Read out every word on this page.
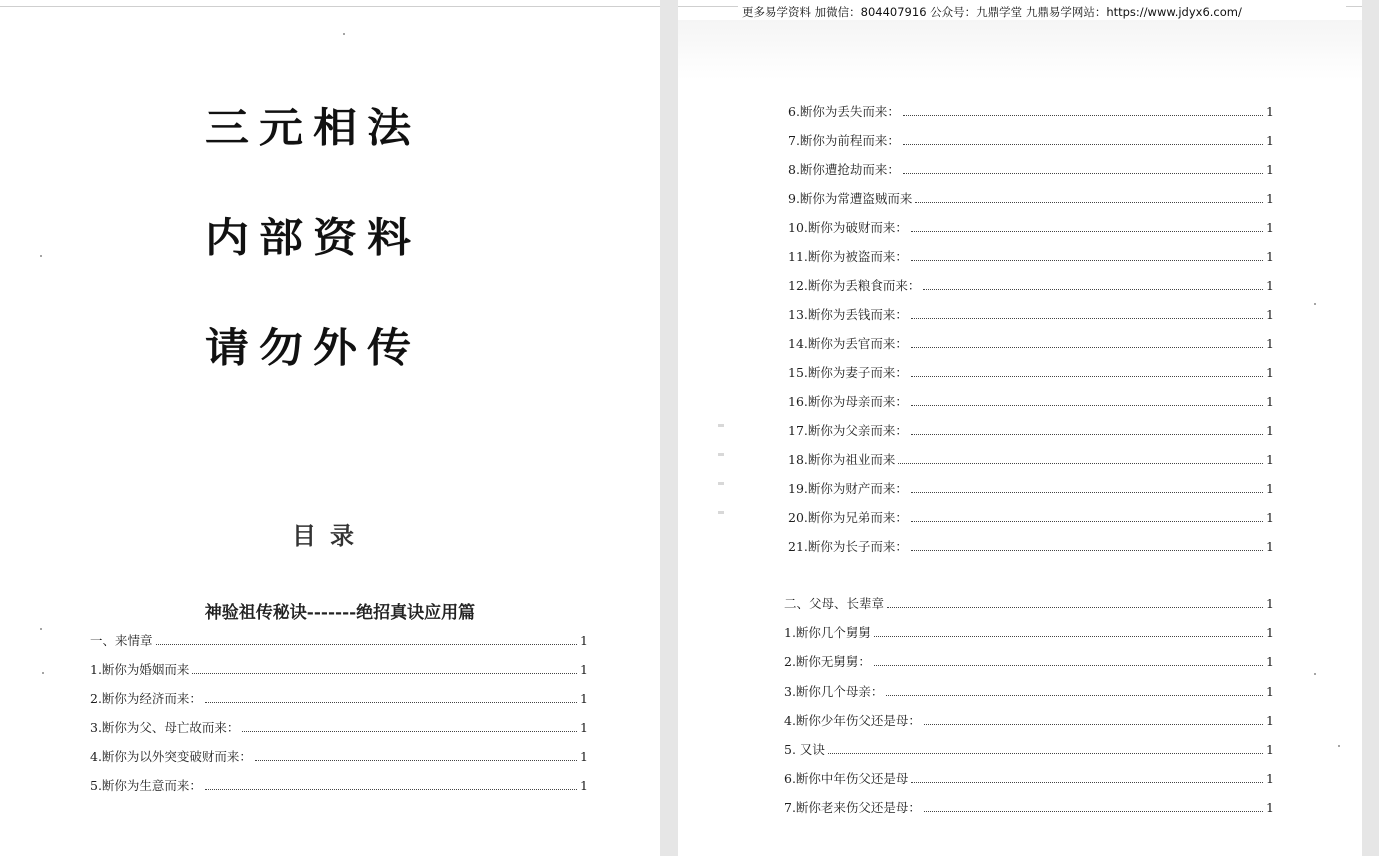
三元相法
内部资料
请勿外传
目录
神验祖传秘诀-------绝招真诀应用篇
一、来情章	1
1.断你为婚姻而来	1
2.断你为经济而来：	1
3.断你为父、母亡故而来：	1
4.断你为以外突变破财而来：	1
5.断你为生意而来：	1
更多易学资料 加微信：804407916 公众号：九鼎学堂 九鼎易学网站：https://www.jdyx6.com/
6.断你为丢失而来：	1
7.断你为前程而来：	1
8.断你遭抢劫而来：	1
9.断你为常遭盗贼而来	1
10.断你为破财而来：	1
11.断你为被盗而来：	1
12.断你为丢粮食而来：	1
13.断你为丢钱而来：	1
14.断你为丢官而来：	1
15.断你为妻子而来：	1
16.断你为母亲而来：	1
17.断你为父亲而来：	1
18.断你为祖业而来	1
19.断你为财产而来：	1
20.断你为兄弟而来：	1
21.断你为长子而来：	1
二、父母、长辈章	1
1.断你几个舅舅	1
2.断你无舅舅：	1
3.断你几个母亲：	1
4.断你少年伤父还是母：	1
5. 又诀	1
6.断你中年伤父还是母	1
7.断你老来伤父还是母：	1
